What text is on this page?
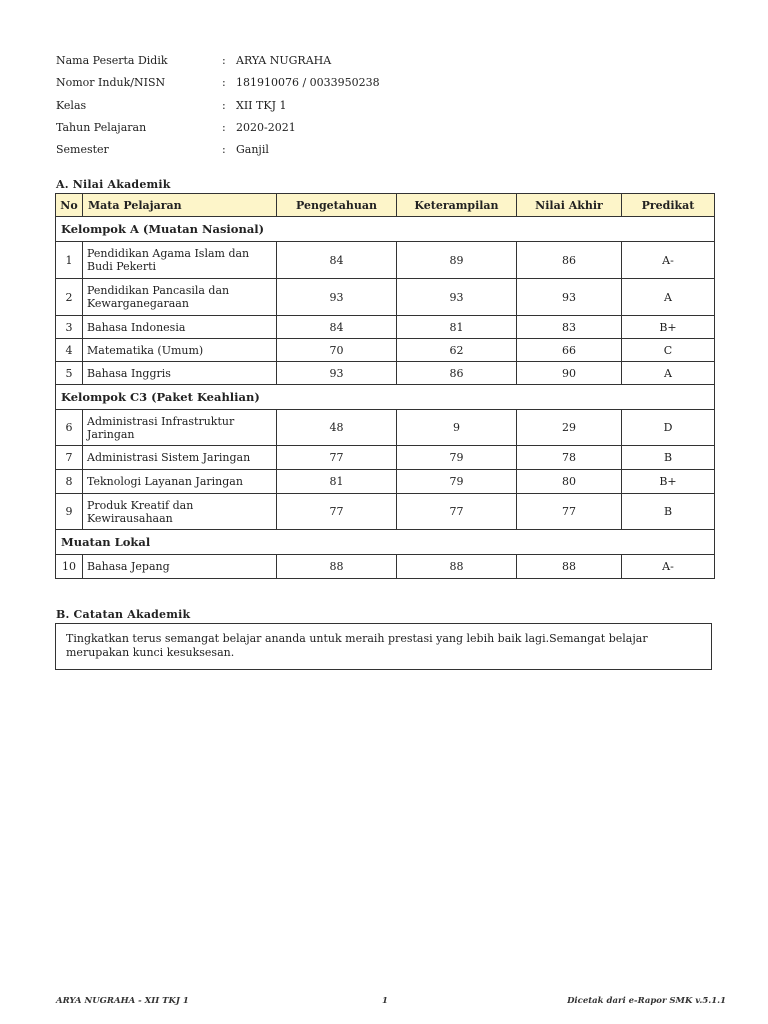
Nama Peserta Didik	: ARYA NUGRAHA
Nomor Induk/NISN	: 181910076 / 0033950238
Kelas	: XII TKJ 1
Tahun Pelajaran	: 2020-2021
Semester	: Ganjil
A. Nilai Akademik
No	Mata Pelajaran	Pengetahuan	Keterampilan	Nilai Akhir	Predikat
Kelompok A (Muatan Nasional)					
1	Pendidikan Agama Islam dan Budi Pekerti	84	89	86	A-
2	Pendidikan Pancasila dan Kewarganegaraan	93	93	93	A
3	Bahasa Indonesia	84	81	83	B+
4	Matematika (Umum)	70	62	66	C
5	Bahasa Inggris	93	86	90	A
Kelompok C3 (Paket Keahlian)					
6	Administrasi Infrastruktur Jaringan	48	9	29	D
7	Administrasi Sistem Jaringan	77	79	78	B
8	Teknologi Layanan Jaringan	81	79	80	B+
9	Produk Kreatif dan Kewirausahaan	77	77	77	B
Muatan Lokal					
10	Bahasa Jepang	88	88	88	A-
B. Catatan Akademik
Tingkatkan terus semangat belajar ananda untuk meraih prestasi yang lebih baik lagi.Semangat belajar merupakan kunci kesuksesan.
ARYA NUGRAHA - XII TKJ 1	1	Dicetak dari e-Rapor SMK v.5.1.1
